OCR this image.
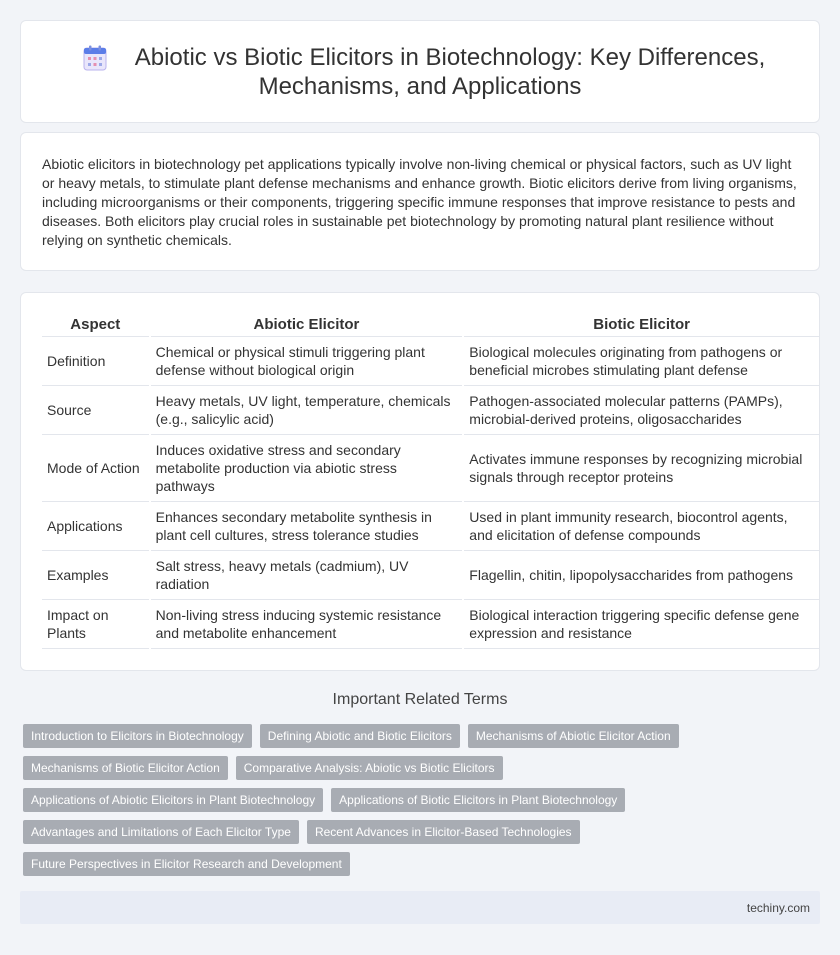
Abiotic vs Biotic Elicitors in Biotechnology: Key Differences,
Mechanisms, and Applications

Abiotic elicitors in biotechnology pet applications typically involve non-living chemical or physical factors, such as UV light or heavy metals, to stimulate plant defense mechanisms and enhance growth. Biotic elicitors derive from living organisms, including microorganisms or their components, triggering specific immune responses that improve resistance to pests and diseases. Both elicitors play crucial roles in sustainable pet biotechnology by promoting natural plant resilience without relying on synthetic chemicals.

Aspect		Abiotic Elicitor		Biotic Elicitor
Definition		Chemical or physical stimuli triggering plant defense without biological origin		Biological molecules originating from pathogens or beneficial microbes stimulating plant defense
Source		Heavy metals, UV light, temperature, chemicals (e.g., salicylic acid)		Pathogen-associated molecular patterns (PAMPs), microbial-derived proteins, oligosaccharides
Mode of Action		Induces oxidative stress and secondary metabolite production via abiotic stress pathways		Activates immune responses by recognizing microbial signals through receptor proteins
Applications		Enhances secondary metabolite synthesis in plant cell cultures, stress tolerance studies		Used in plant immunity research, biocontrol agents, and elicitation of defense compounds
Examples		Salt stress, heavy metals (cadmium), UV radiation		Flagellin, chitin, lipopolysaccharides from pathogens
Impact on Plants		Non-living stress inducing systemic resistance and metabolite enhancement		Biological interaction triggering specific defense gene expression and resistance
Important Related Terms
Introduction to Elicitors in Biotechnology	Defining Abiotic and Biotic Elicitors	Mechanisms of Abiotic Elicitor Action
Mechanisms of Biotic Elicitor Action	Comparative Analysis: Abiotic vs Biotic Elicitors
Applications of Abiotic Elicitors in Plant Biotechnology	Applications of Biotic Elicitors in Plant Biotechnology
Advantages and Limitations of Each Elicitor Type	Recent Advances in Elicitor-Based Technologies
Future Perspectives in Elicitor Research and Development
techiny.com
